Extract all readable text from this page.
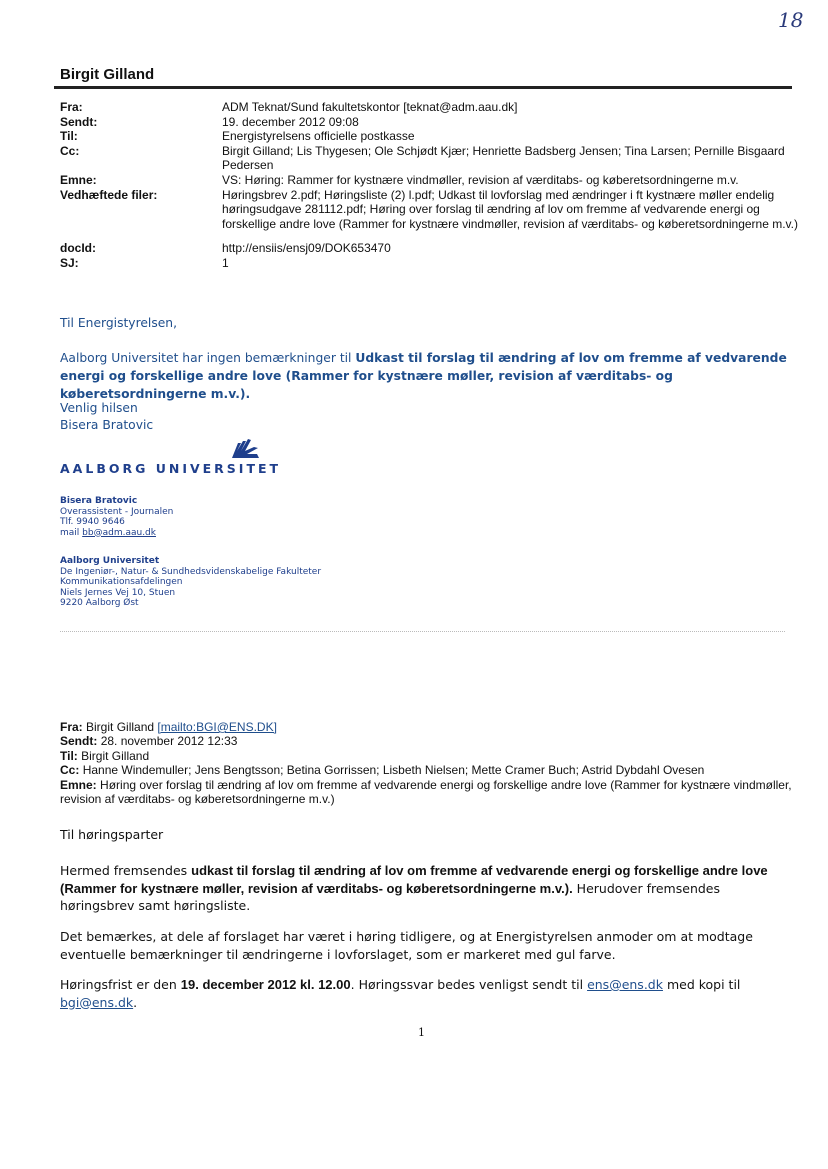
18
Birgit Gilland
Fra:	ADM Teknat/Sund fakultetskontor [teknat@adm.aau.dk]
Sendt:	19. december 2012 09:08
Til:	Energistyrelsens officielle postkasse
Cc:	Birgit Gilland; Lis Thygesen; Ole Schjødt Kjær; Henriette Badsberg Jensen; Tina Larsen; Pernille Bisgaard Pedersen
Emne:	VS: Høring: Rammer for kystnære vindmøller, revision af værditabs- og køberetsordningerne m.v.
Vedhæftede filer:	Høringsbrev 2.pdf; Høringsliste (2) l.pdf; Udkast til lovforslag med ændringer i ft kystnære møller endelig høringsudgave 281112.pdf; Høring over forslag til ændring af lov om fremme af vedvarende energi og forskellige andre love (Rammer for kystnære vindmøller, revision af værditabs- og køberetsordningerne m.v.)
docId:	http://ensiis/ensj09/DOK653470
SJ:	1
Til Energistyrelsen,
Aalborg Universitet har ingen bemærkninger til Udkast til forslag til ændring af lov om fremme af vedvarende energi og forskellige andre love (Rammer for kystnære møller, revision af værditabs- og køberetsordningerne m.v.).
Venlig hilsen
Bisera Bratovic
AALBORG UNIVERSITET
Bisera Bratovic
Overassistent - Journalen
Tlf. 9940 9646
mail bb@adm.aau.dk
Aalborg Universitet
De Ingeniør-, Natur- & Sundhedsvidenskabelige Fakulteter
Kommunikationsafdelingen
Niels Jernes Vej 10, Stuen
9220 Aalborg Øst
Fra: Birgit Gilland [mailto:BGI@ENS.DK]
Sendt: 28. november 2012 12:33
Til: Birgit Gilland
Cc: Hanne Windemuller; Jens Bengtsson; Betina Gorrissen; Lisbeth Nielsen; Mette Cramer Buch; Astrid Dybdahl Ovesen
Emne: Høring over forslag til ændring af lov om fremme af vedvarende energi og forskellige andre love (Rammer for kystnære vindmøller, revision af værditabs- og køberetsordningerne m.v.)
Til høringsparter
Hermed fremsendes udkast til forslag til ændring af lov om fremme af vedvarende energi og forskellige andre love (Rammer for kystnære møller, revision af værditabs- og køberetsordningerne m.v.). Herudover fremsendes høringsbrev samt høringsliste.
Det bemærkes, at dele af forslaget har været i høring tidligere, og at Energistyrelsen anmoder om at modtage eventuelle bemærkninger til ændringerne i lovforslaget, som er markeret med gul farve.
Høringsfrist er den 19. december 2012 kl. 12.00. Høringssvar bedes venligst sendt til ens@ens.dk med kopi til bgi@ens.dk.
1
